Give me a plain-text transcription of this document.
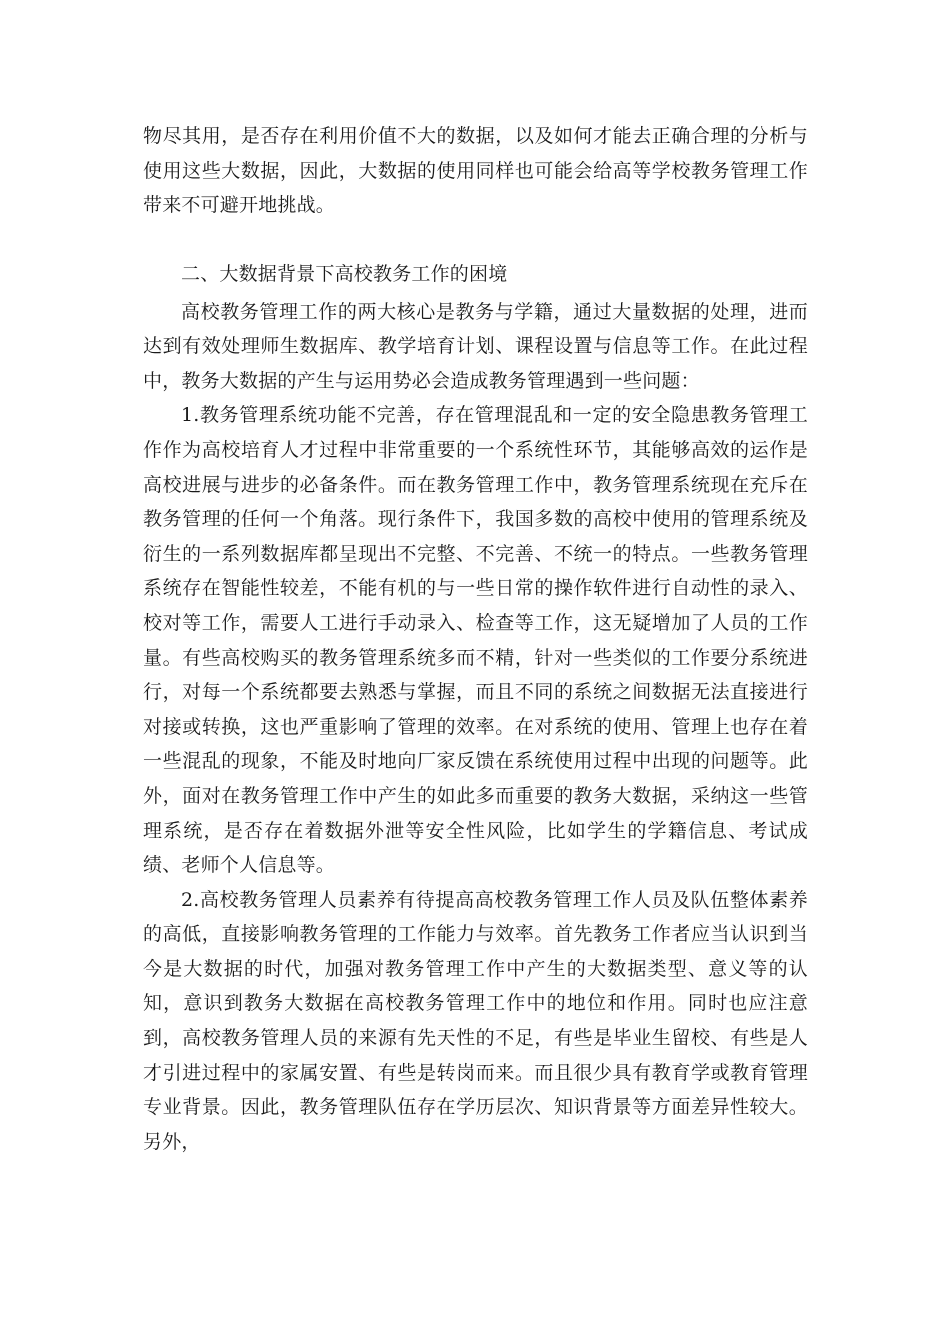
物尽其用，是否存在利用价值不大的数据，以及如何才能去正确合理的分析与使用这些大数据，因此，大数据的使用同样也可能会给高等学校教务管理工作带来不可避开地挑战。

二、大数据背景下高校教务工作的困境

高校教务管理工作的两大核心是教务与学籍，通过大量数据的处理，进而达到有效处理师生数据库、教学培育计划、课程设置与信息等工作。在此过程中，教务大数据的产生与运用势必会造成教务管理遇到一些问题：

1.教务管理系统功能不完善，存在管理混乱和一定的安全隐患教务管理工作作为高校培育人才过程中非常重要的一个系统性环节，其能够高效的运作是高校进展与进步的必备条件。而在教务管理工作中，教务管理系统现在充斥在教务管理的任何一个角落。现行条件下，我国多数的高校中使用的管理系统及衍生的一系列数据库都呈现出不完整、不完善、不统一的特点。一些教务管理系统存在智能性较差，不能有机的与一些日常的操作软件进行自动性的录入、校对等工作，需要人工进行手动录入、检查等工作，这无疑增加了人员的工作量。有些高校购买的教务管理系统多而不精，针对一些类似的工作要分系统进行，对每一个系统都要去熟悉与掌握，而且不同的系统之间数据无法直接进行对接或转换，这也严重影响了管理的效率。在对系统的使用、管理上也存在着一些混乱的现象，不能及时地向厂家反馈在系统使用过程中出现的问题等。此外，面对在教务管理工作中产生的如此多而重要的教务大数据，采纳这一些管理系统，是否存在着数据外泄等安全性风险，比如学生的学籍信息、考试成绩、老师个人信息等。

2.高校教务管理人员素养有待提高高校教务管理工作人员及队伍整体素养的高低，直接影响教务管理的工作能力与效率。首先教务工作者应当认识到当今是大数据的时代，加强对教务管理工作中产生的大数据类型、意义等的认知，意识到教务大数据在高校教务管理工作中的地位和作用。同时也应注意到，高校教务管理人员的来源有先天性的不足，有些是毕业生留校、有些是人才引进过程中的家属安置、有些是转岗而来。而且很少具有教育学或教育管理专业背景。因此，教务管理队伍存在学历层次、知识背景等方面差异性较大。另外，
